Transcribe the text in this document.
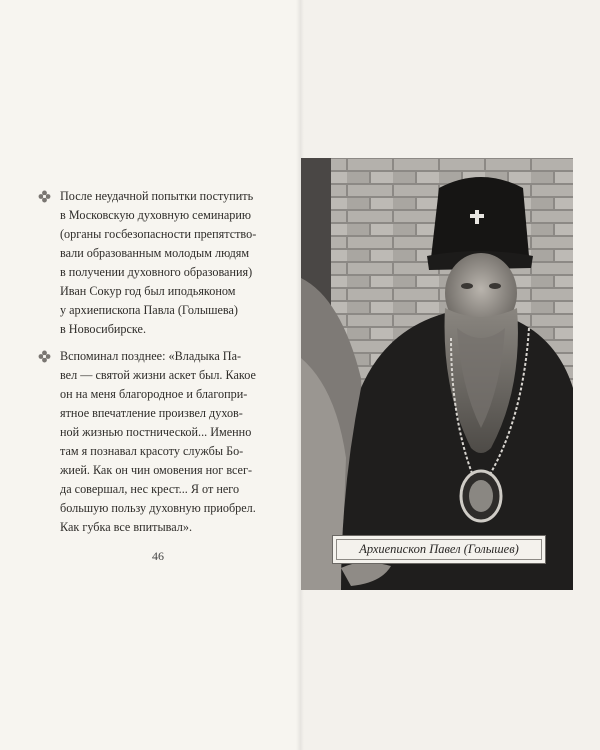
После неудачной попытки поступить
в Московскую духовную семинарию
(органы госбезопасности препятство-
вали образованным молодым людям
в получении духовного образования)
Иван Сокур год был иподьяконом
у архиепископа Павла (Голышева)
в Новосибирске.
Вспоминал позднее: «Владыка Па-
вел — святой жизни аскет был. Какое
он на меня благородное и благопри-
ятное впечатление произвел духов-
ной жизнью постнической... Именно
там я познавал красоту службы Бо-
жией. Как он чин омовения ног всег-
да совершал, нес крест... Я от него
большую пользу духовную приобрел.
Как губка все впитывал».
46	Архиепископ Павел (Голышев)
